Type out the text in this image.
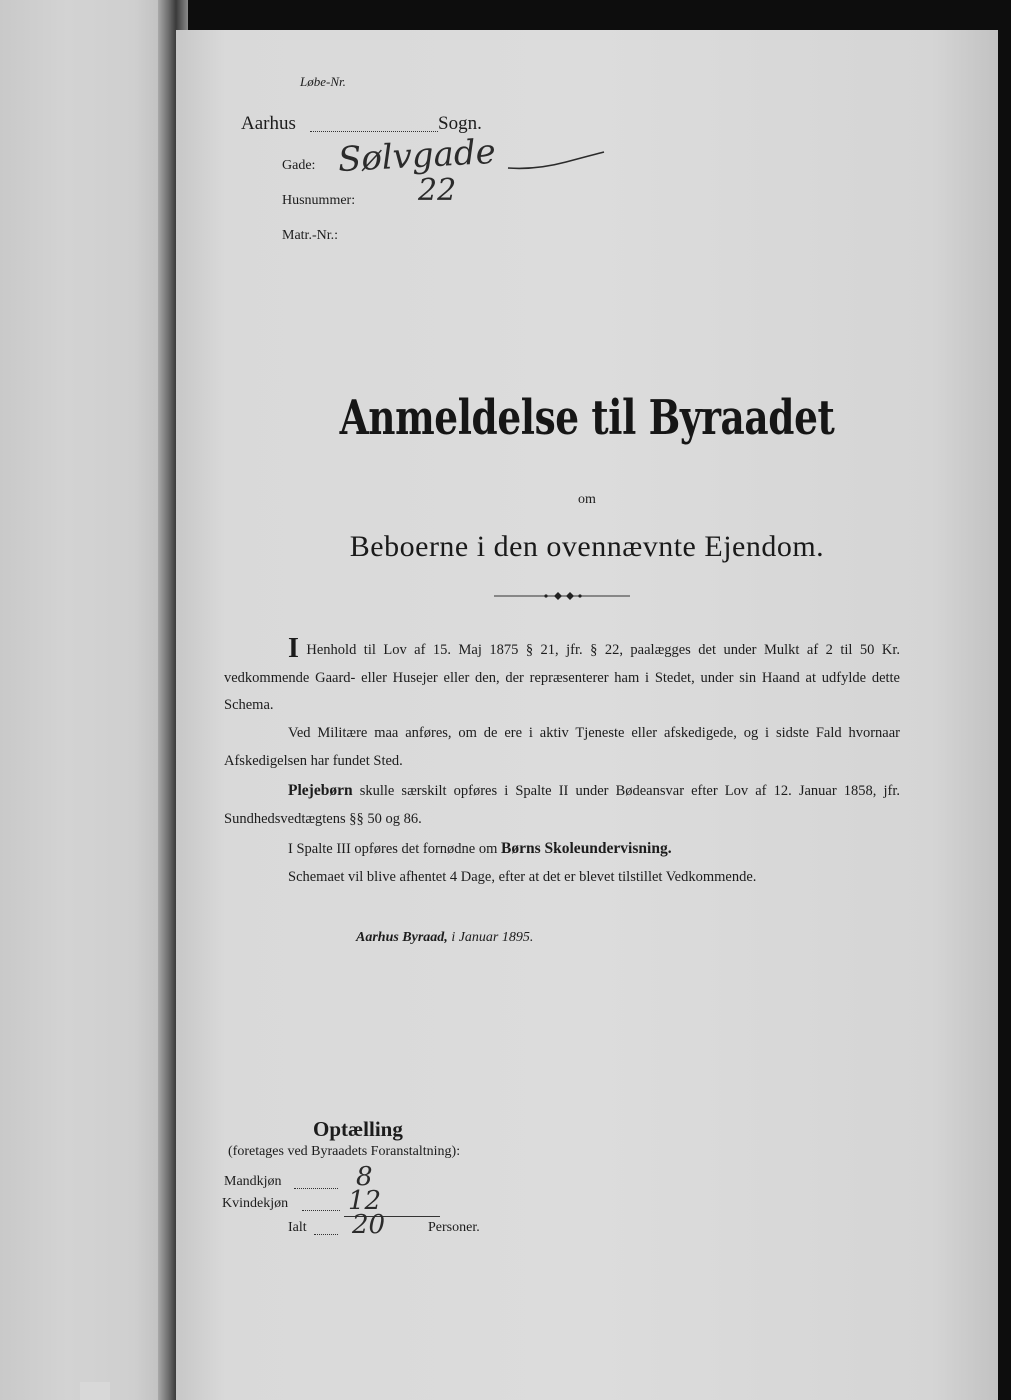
Løbe-Nr.
Aarhus	Sogn.
Gade: Sølvgade
Husnummer: 22
Matr.-Nr.:
Anmeldelse til Byraadet
om
Beboerne i den ovennævnte Ejendom.
I Henhold til Lov af 15. Maj 1875 § 21, jfr. § 22, paalægges det under Mulkt af 2 til 50 Kr. vedkommende Gaard- eller Husejer eller den, der repræsenterer ham i Stedet, under sin Haand at udfylde dette Schema.
Ved Militære maa anføres, om de ere i aktiv Tjeneste eller afskedigede, og i sidste Fald hvornaar Afskedigelsen har fundet Sted.
Plejebørn skulle særskilt opføres i Spalte II under Bødeansvar efter Lov af 12. Januar 1858, jfr. Sundhedsvedtægtens §§ 50 og 86.
I Spalte III opføres det fornødne om Børns Skoleundervisning.
Schemaet vil blive afhentet 4 Dage, efter at det er blevet tilstillet Vedkommende.
Aarhus Byraad, i Januar 1895.
Optælling
(foretages ved Byraadets Foranstaltning):
Mandkjøn	8
Kvindekjøn 12
Ialt 20	Personer.
